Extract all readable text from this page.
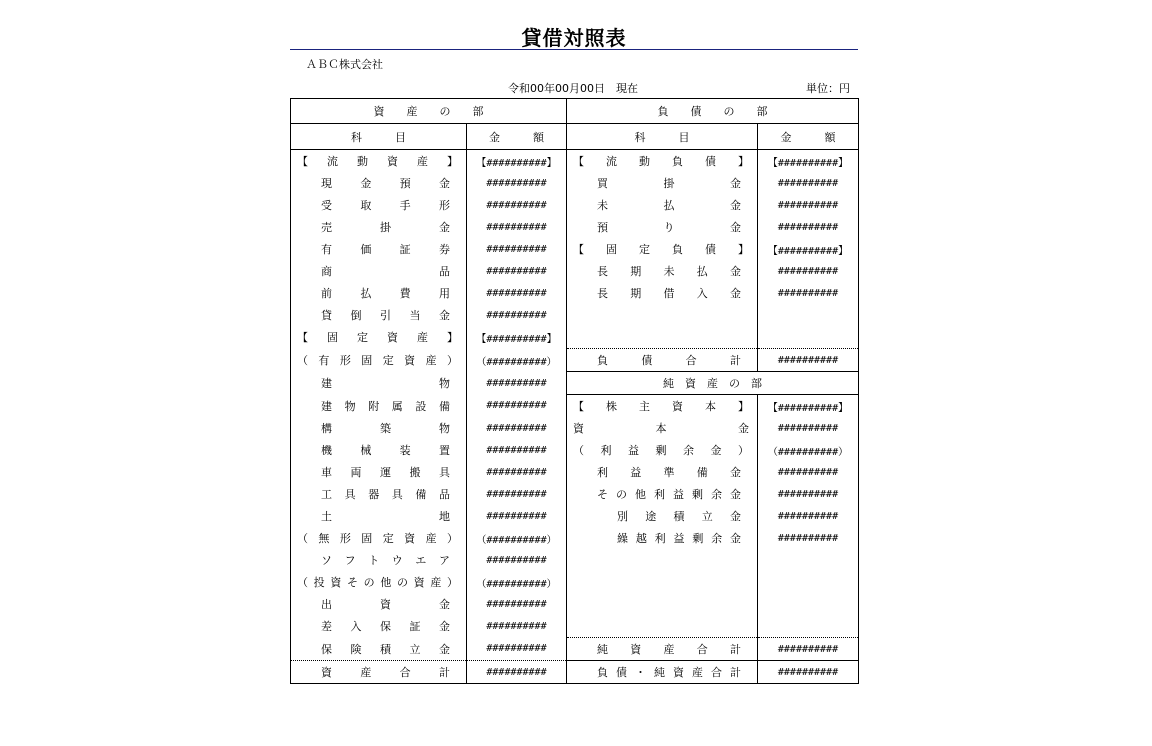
貸借対照表
ＡＢＣ株式会社
令和00年00月00日　現在	単位：円
資　　産　　の　　部		負　　債　　の　　部	
科　　　目	金　　　額	科　　　目	金　　　額

【流動資産】	【##########】	【流動負債】	【##########】

現金預金	##########	買掛金	##########

受取手形	##########	未払金	##########

売掛金	##########	預り金	##########

有価証券	##########	【固定負債】	【##########】

商品	##########	長期未払金	##########

前払費用	##########	長期借入金	##########

貸倒引当金	##########		

【固定資産】	【##########】		

（有形固定資産）	（##########）	負債合計	##########

建物	##########	純　資　産　の　部	

建物附属設備	##########	【株主資本】	【##########】

構築物	##########	資本金	##########

機械装置	##########	（利益剰余金）	（##########）

車両運搬具	##########	利益準備金	##########

工具器具備品	##########	その他利益剰余金	##########

土地	##########	別途積立金	##########

（無形固定資産）	（##########）	繰越利益剰余金	##########

ソフトウエア	##########		

（投資その他の資産）	（##########）		

出資金	##########		

差入保証金	##########		

保険積立金	##########	純資産合計	##########

資産合計	##########	負債・純資産合計	##########
